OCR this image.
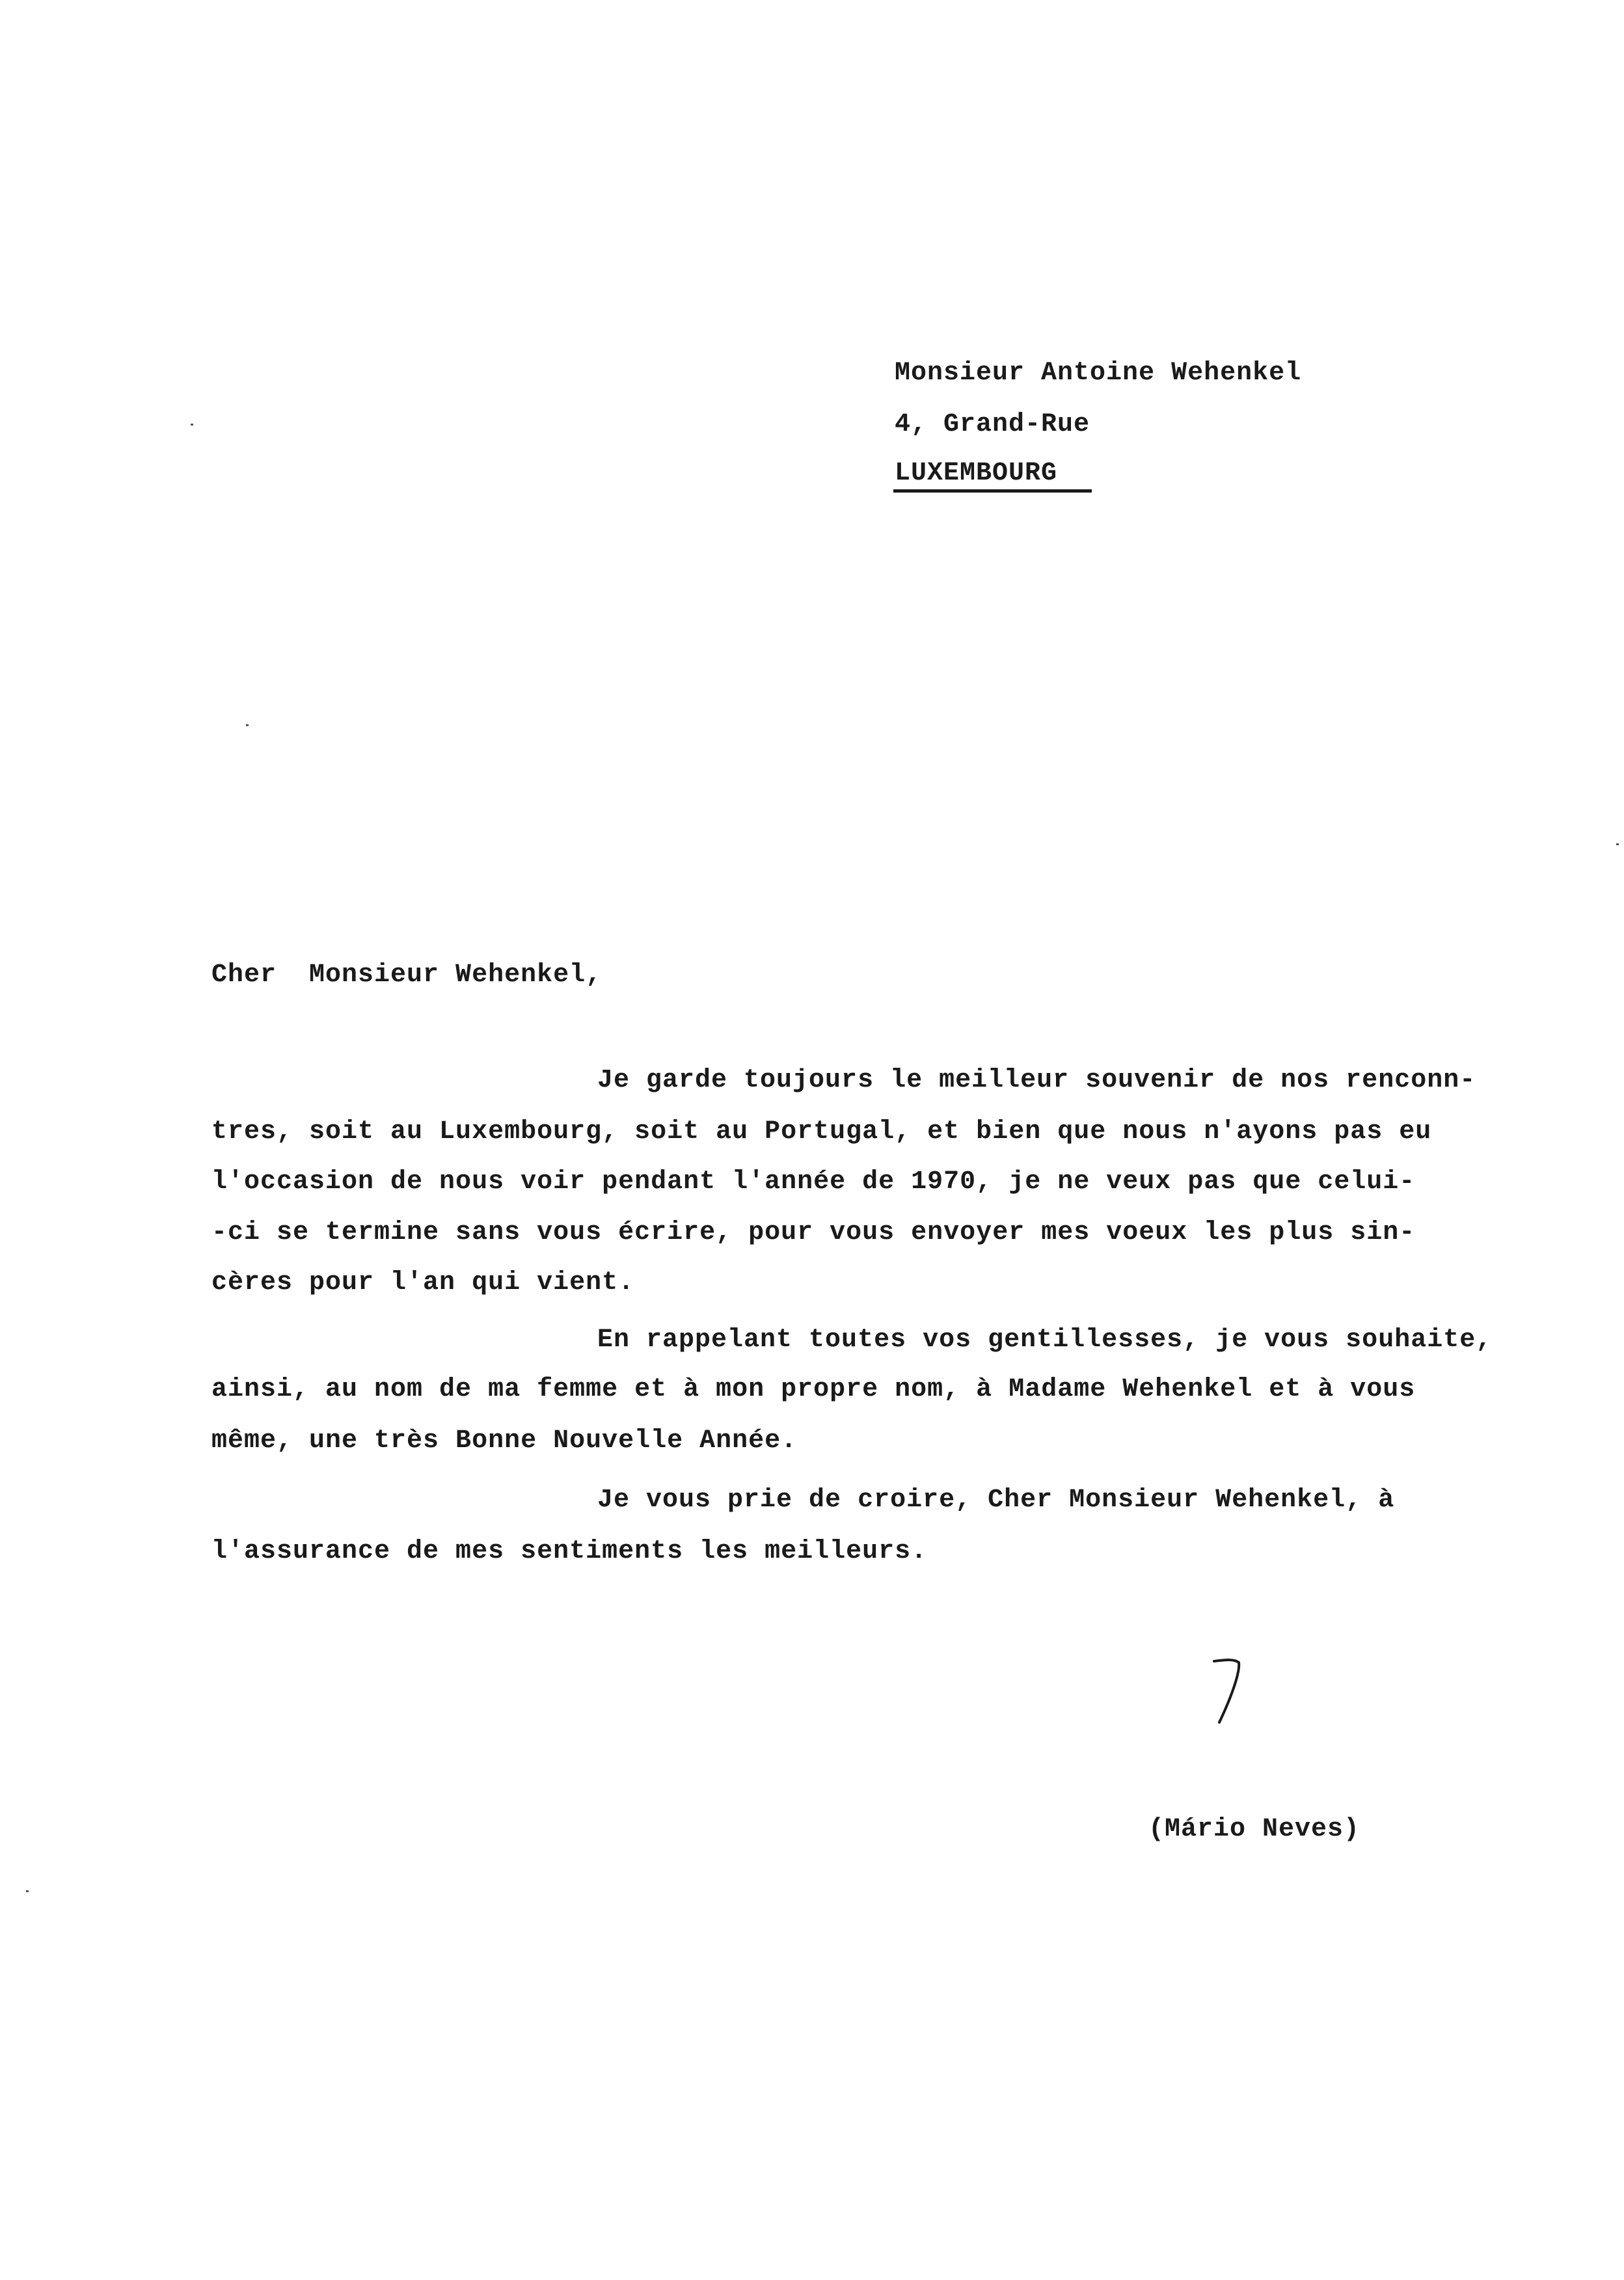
Monsieur Antoine Wehenkel
4, Grand-Rue
LUXEMBOURG
Cher  Monsieur Wehenkel,
Je garde toujours le meilleur souvenir de nos renconn-
tres, soit au Luxembourg, soit au Portugal, et bien que nous n'ayons pas eu
l'occasion de nous voir pendant l'année de 1970, je ne veux pas que celui-
-ci se termine sans vous écrire, pour vous envoyer mes voeux les plus sin-
cères pour l'an qui vient.
En rappelant toutes vos gentillesses, je vous souhaite,
ainsi, au nom de ma femme et à mon propre nom, à Madame Wehenkel et à vous
même, une très Bonne Nouvelle Année.
Je vous prie de croire, Cher Monsieur Wehenkel, à
l'assurance de mes sentiments les meilleurs.
(Mário Neves)
